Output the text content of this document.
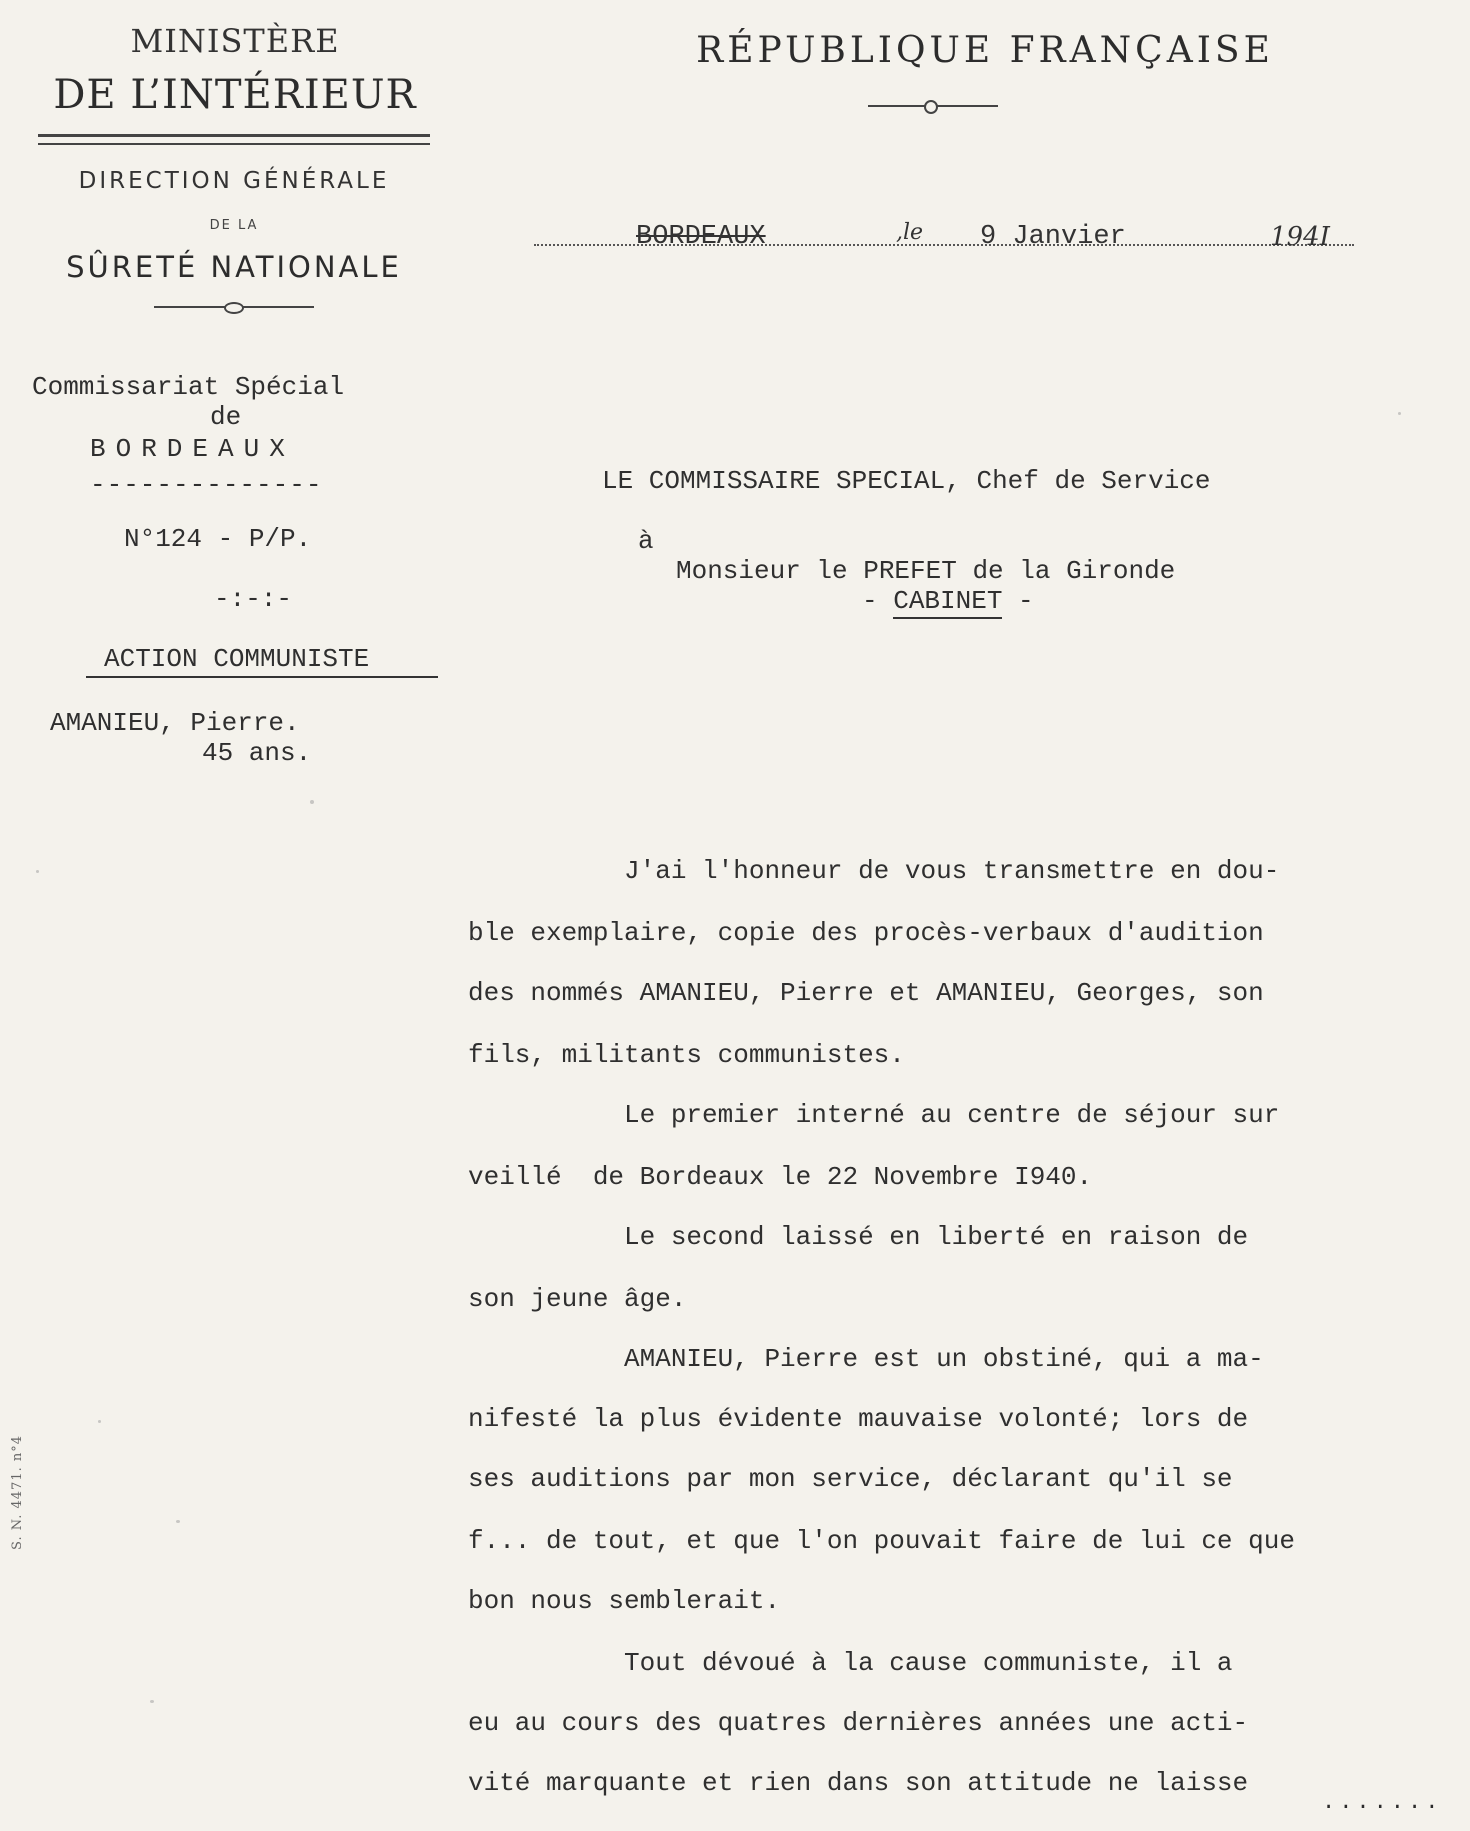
MINISTÈRE
DE L’INTÉRIEUR
DIRECTION GÉNÉRALE
DE LA
SÛRETÉ NATIONALE
RÉPUBLIQUE FRANÇAISE
BORDEAUX	,le 9 Janvier	194I
Commissariat Spécial
de
BORDEAUX
--------------
N°124 - P/P.
-:-:-
ACTION COMMUNISTE
AMANIEU, Pierre.
45 ans.
LE COMMISSAIRE SPECIAL, Chef de Service
à
Monsieur le PREFET de la Gironde
- CABINET -
J'ai l'honneur de vous transmettre en dou-
ble exemplaire, copie des procès-verbaux d'audition
des nommés AMANIEU, Pierre et AMANIEU, Georges, son
fils, militants communistes.
Le premier interné au centre de séjour sur
veillé  de Bordeaux le 22 Novembre I940.
Le second laissé en liberté en raison de
son jeune âge.
AMANIEU, Pierre est un obstiné, qui a ma-
nifesté la plus évidente mauvaise volonté; lors de
ses auditions par mon service, déclarant qu'il se
f... de tout, et que l'on pouvait faire de lui ce que
bon nous semblerait.
Tout dévoué à la cause communiste, il a
eu au cours des quatres dernières années une acti-
vité marquante et rien dans son attitude ne laisse
.......
S. N. 4471. n°4
